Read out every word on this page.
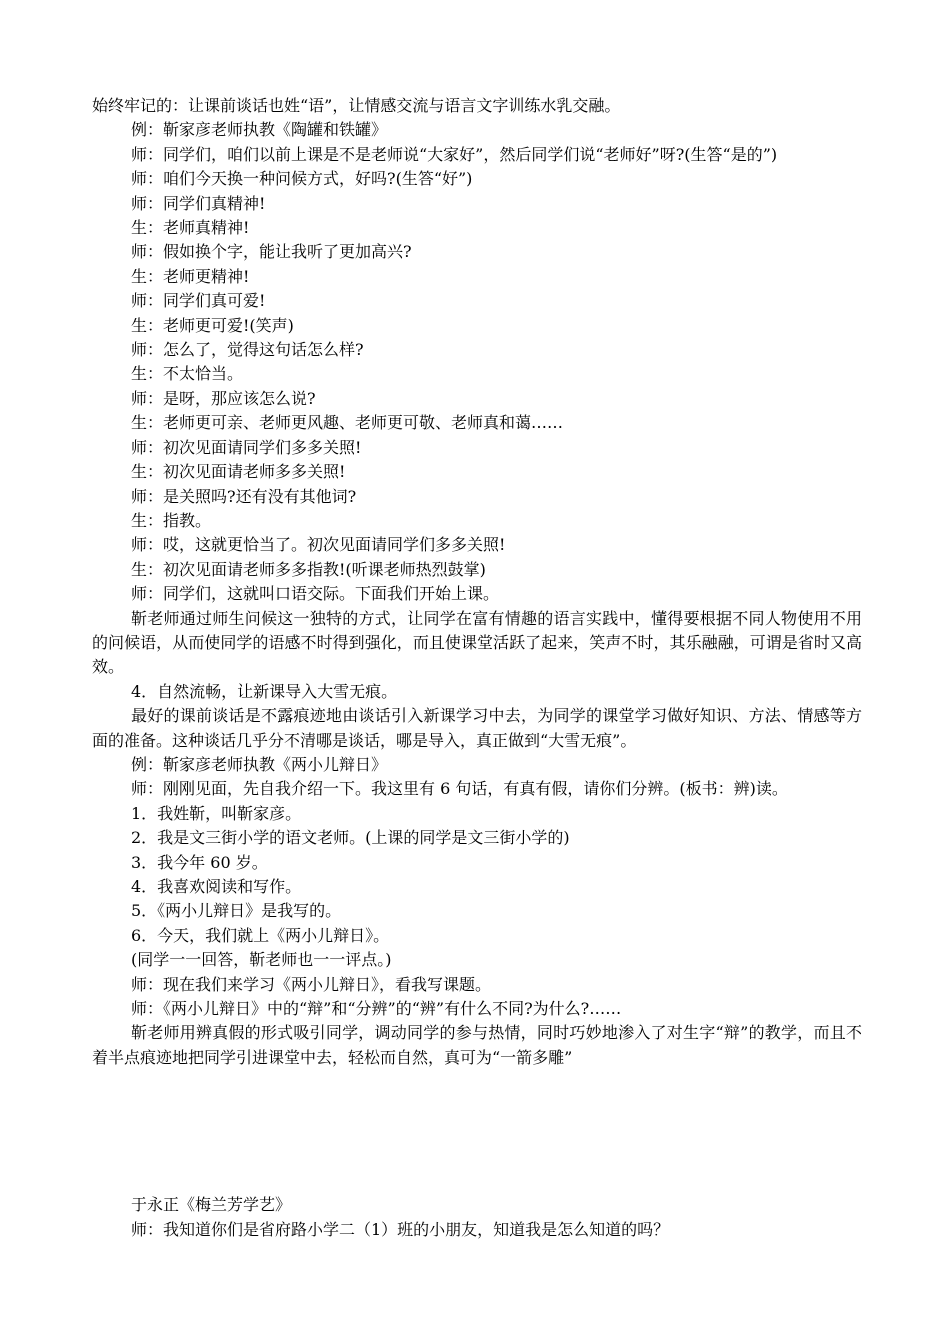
始终牢记的：让课前谈话也姓“语”，让情感交流与语言文字训练水乳交融。

例：靳家彦老师执教《陶罐和铁罐》

师：同学们，咱们以前上课是不是老师说“大家好”，然后同学们说“老师好”呀?(生答“是的”)

师：咱们今天换一种问候方式，好吗?(生答“好”)

师：同学们真精神!

生：老师真精神!

师：假如换个字，能让我听了更加高兴?

生：老师更精神!

师：同学们真可爱!

生：老师更可爱!(笑声)

师：怎么了，觉得这句话怎么样?

生：不太恰当。

师：是呀，那应该怎么说?

生：老师更可亲、老师更风趣、老师更可敬、老师真和蔼……

师：初次见面请同学们多多关照!

生：初次见面请老师多多关照!

师：是关照吗?还有没有其他词?

生：指教。

师：哎，这就更恰当了。初次见面请同学们多多关照!

生：初次见面请老师多多指教!(听课老师热烈鼓掌)

师：同学们，这就叫口语交际。下面我们开始上课。

靳老师通过师生问候这一独特的方式，让同学在富有情趣的语言实践中，懂得要根据不同人物使用不用的问候语，从而使同学的语感不时得到强化，而且使课堂活跃了起来，笑声不时，其乐融融，可谓是省时又高效。

4．自然流畅，让新课导入大雪无痕。

最好的课前谈话是不露痕迹地由谈话引入新课学习中去，为同学的课堂学习做好知识、方法、情感等方面的准备。这种谈话几乎分不清哪是谈话，哪是导入，真正做到“大雪无痕”。

例：靳家彦老师执教《两小儿辩日》

师：刚刚见面，先自我介绍一下。我这里有 6 句话，有真有假，请你们分辨。(板书：辨)读。

1．我姓靳，叫靳家彦。

2．我是文三街小学的语文老师。(上课的同学是文三街小学的)

3．我今年 60 岁。

4．我喜欢阅读和写作。

5．《两小儿辩日》是我写的。

6．今天，我们就上《两小儿辩日》。

(同学一一回答，靳老师也一一评点。)

师：现在我们来学习《两小儿辩日》，看我写课题。

师：《两小儿辩日》中的“辩”和“分辨”的“辨”有什么不同?为什么?……

靳老师用辨真假的形式吸引同学，调动同学的参与热情，同时巧妙地渗入了对生字“辩”的教学，而且不着半点痕迹地把同学引进课堂中去，轻松而自然，真可为“一箭多雕”

于永正《梅兰芳学艺》

师：我知道你们是省府路小学二（1）班的小朋友，知道我是怎么知道的吗？
